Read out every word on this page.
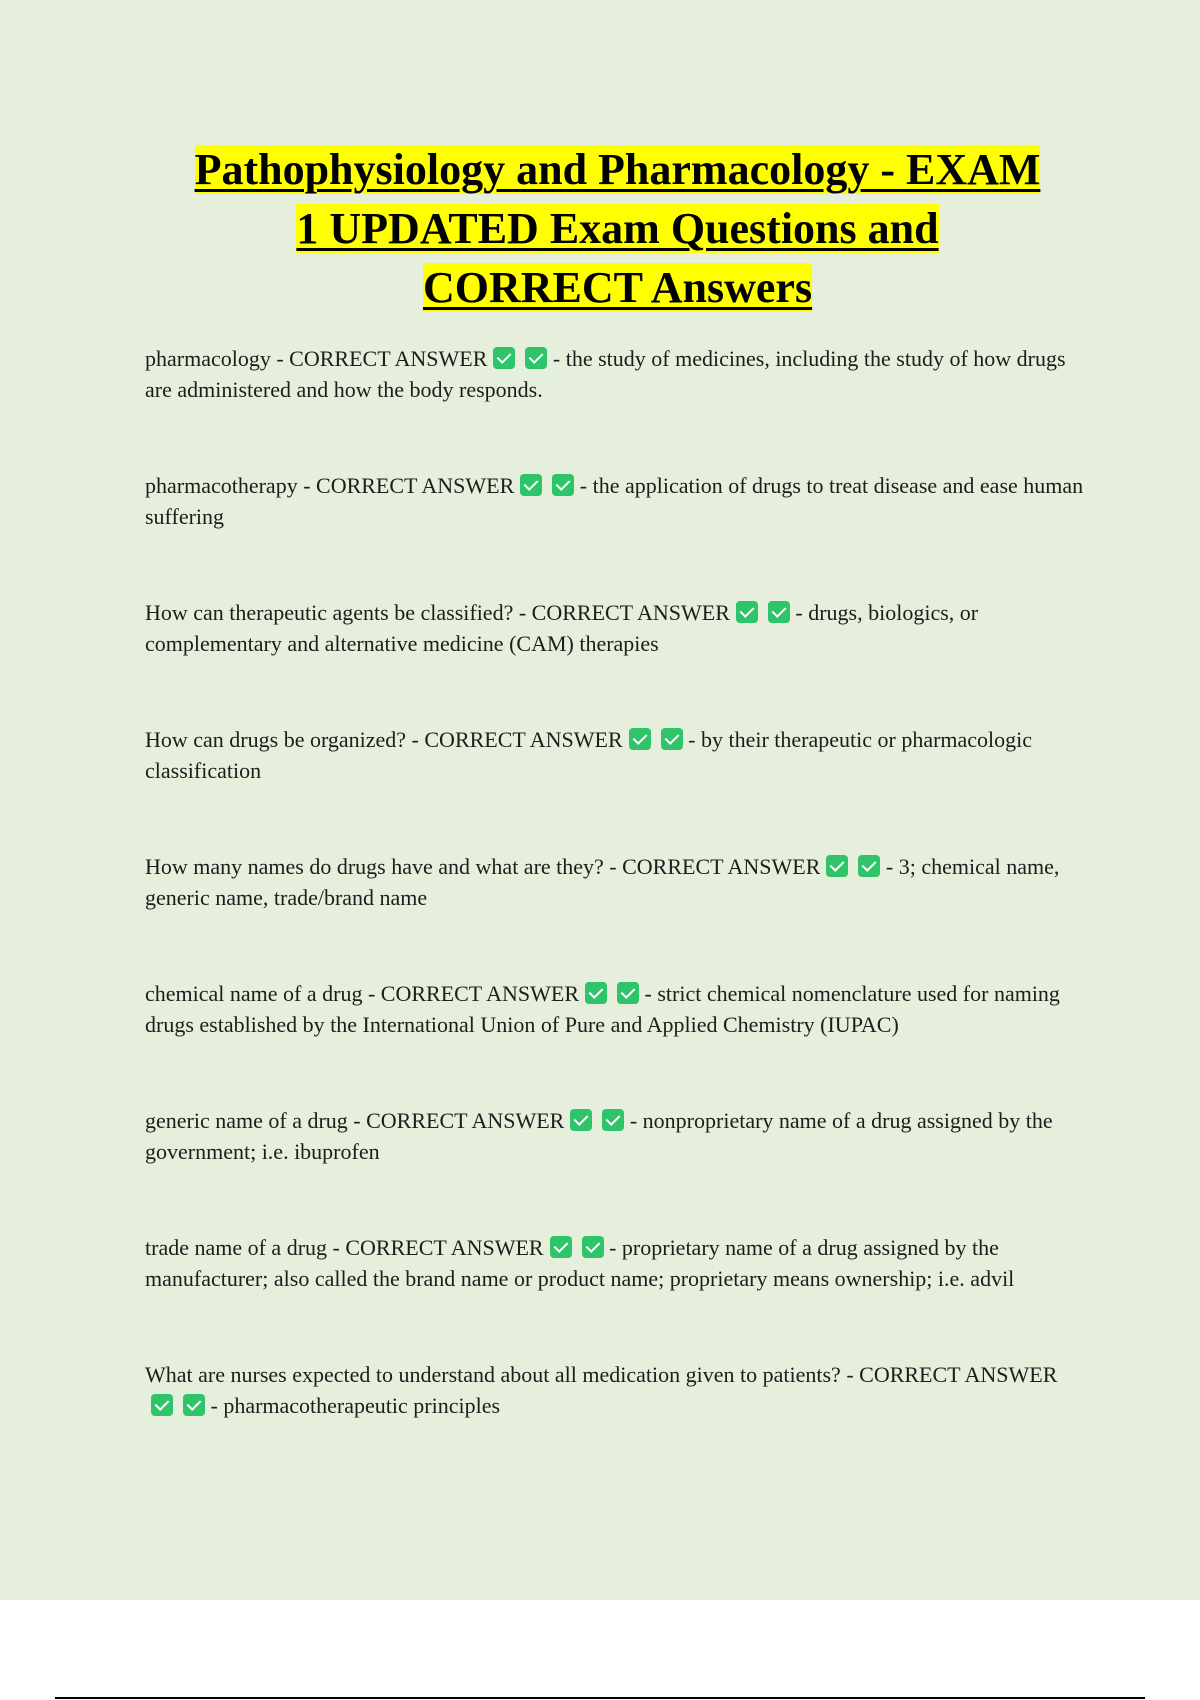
Pathophysiology and Pharmacology - EXAM
1 UPDATED Exam Questions and
CORRECT Answers

pharmacology - CORRECT ANSWER	- the study of medicines, including the study of how drugs are administered and how the body responds.

pharmacotherapy - CORRECT ANSWER	- the application of drugs to treat disease and ease human suffering

How can therapeutic agents be classified? - CORRECT ANSWER	- drugs, biologics, or complementary and alternative medicine (CAM) therapies

How can drugs be organized? - CORRECT ANSWER	- by their therapeutic or pharmacologic classification

How many names do drugs have and what are they? - CORRECT ANSWER	- 3; chemical name, generic name, trade/brand name

chemical name of a drug - CORRECT ANSWER	- strict chemical nomenclature used for naming drugs established by the International Union of Pure and Applied Chemistry (IUPAC)

generic name of a drug - CORRECT ANSWER	- nonproprietary name of a drug assigned by the government; i.e. ibuprofen

trade name of a drug - CORRECT ANSWER	- proprietary name of a drug assigned by the manufacturer; also called the brand name or product name; proprietary means ownership; i.e. advil

What are nurses expected to understand about all medication given to patients? - CORRECT ANSWER - pharmacotherapeutic principles
